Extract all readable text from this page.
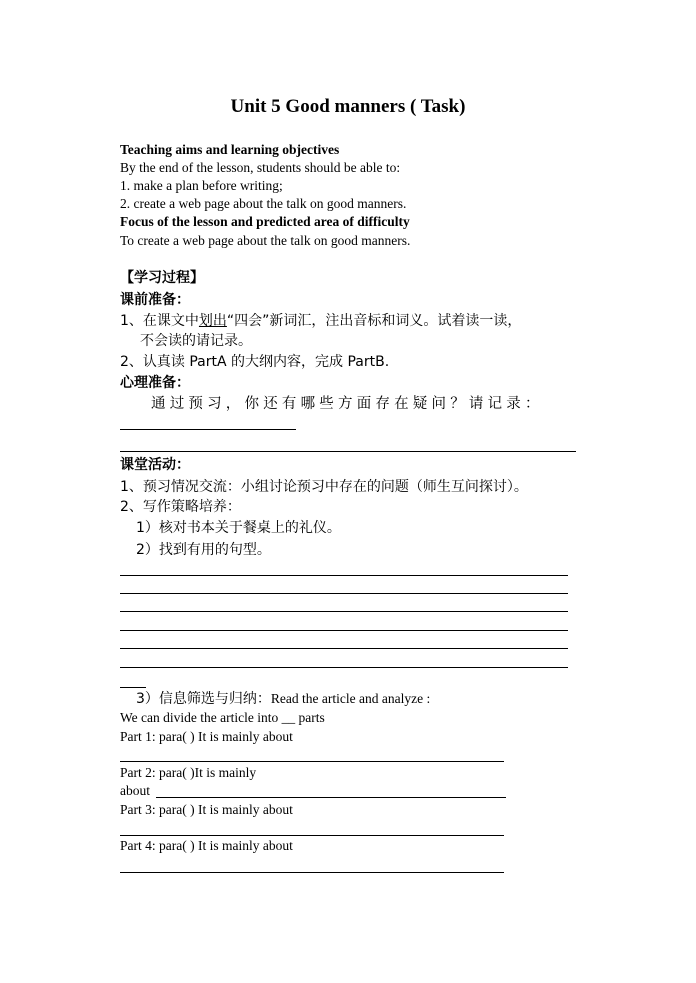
Unit 5 Good manners ( Task)
Teaching aims and learning objectives
By the end of the lesson, students should be able to:
1. make a plan before writing;
2. create a web page about the talk on good manners.
Focus of the lesson and predicted area of difficulty
To create a web page about the talk on good manners.
【学习过程】
课前准备：
1、在课文中划出“四会”新词汇，注出音标和词义。试着读一读，
不会读的请记录。
2、认真读 PartA 的大纲内容，完成 PartB.
心理准备：
通过预习，你还有哪些方面存在疑问？请记录：
课堂活动：
1、预习情况交流：小组讨论预习中存在的问题（师生互问探讨）。
2、写作策略培养：
1）核对书本关于餐桌上的礼仪。
2）找到有用的句型。
3）信息筛选与归纳：Read the article and analyze :
We can divide the article into __ parts
Part 1: para( ) It is mainly about
Part 2: para( )It is mainly
about
Part 3: para( ) It is mainly about
Part 4: para( ) It is mainly about
